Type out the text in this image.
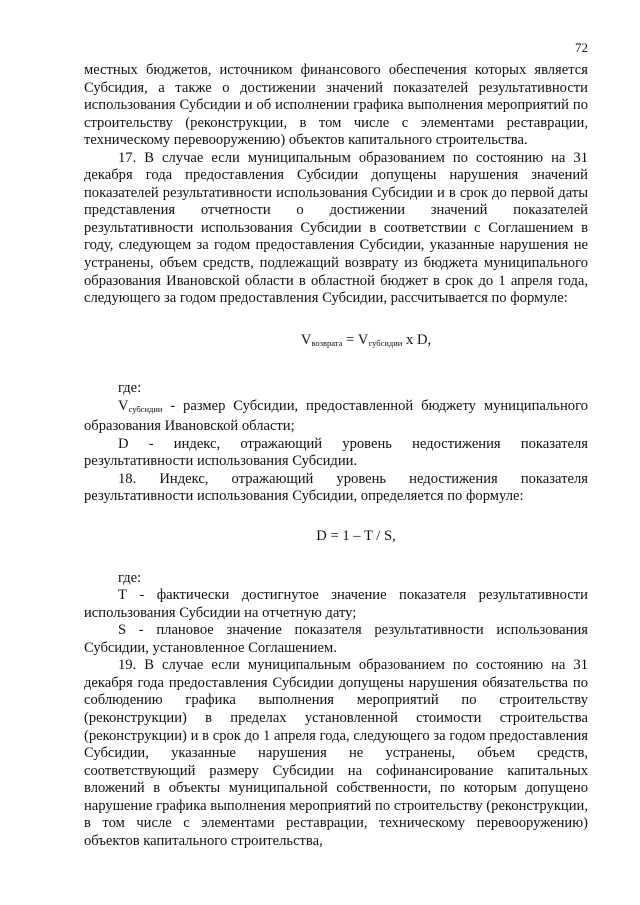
72

местных бюджетов, источником финансового обеспечения которых является Субсидия, а также о достижении значений показателей результативности использования Субсидии и об исполнении графика выполнения мероприятий по строительству (реконструкции, в том числе с элементами реставрации, техническому перевооружению) объектов капитального строительства.

17. В случае если муниципальным образованием по состоянию на 31 декабря года предоставления Субсидии допущены нарушения значений показателей результативности использования Субсидии и в срок до первой даты представления отчетности о достижении значений показателей результативности использования Субсидии в соответствии с Соглашением в году, следующем за годом предоставления Субсидии, указанные нарушения не устранены, объем средств, подлежащий возврату из бюджета муниципального образования Ивановской области в областной бюджет в срок до 1 апреля года, следующего за годом предоставления Субсидии, рассчитывается по формуле:

$V_{возврата} = V_{субсидии}$ x D,

где:

$V_{субсидии}$ - размер Субсидии, предоставленной бюджету муниципального образования Ивановской области;

D - индекс, отражающий уровень недостижения показателя результативности использования Субсидии.

18. Индекс, отражающий уровень недостижения показателя результативности использования Субсидии, определяется по формуле:

D = 1 – T / S,

где:

Т - фактически достигнутое значение показателя результативности использования Субсидии на отчетную дату;

S - плановое значение показателя результативности использования Субсидии, установленное Соглашением.

19. В случае если муниципальным образованием по состоянию на 31 декабря года предоставления Субсидии допущены нарушения обязательства по соблюдению графика выполнения мероприятий по строительству (реконструкции) в пределах установленной стоимости строительства (реконструкции) и в срок до 1 апреля года, следующего за годом предоставления Субсидии, указанные нарушения не устранены, объем средств, соответствующий размеру Субсидии на софинансирование капитальных вложений в объекты муниципальной собственности, по которым допущено нарушение графика выполнения мероприятий по строительству (реконструкции, в том числе с элементами реставрации, техническому перевооружению) объектов капитального строительства,
